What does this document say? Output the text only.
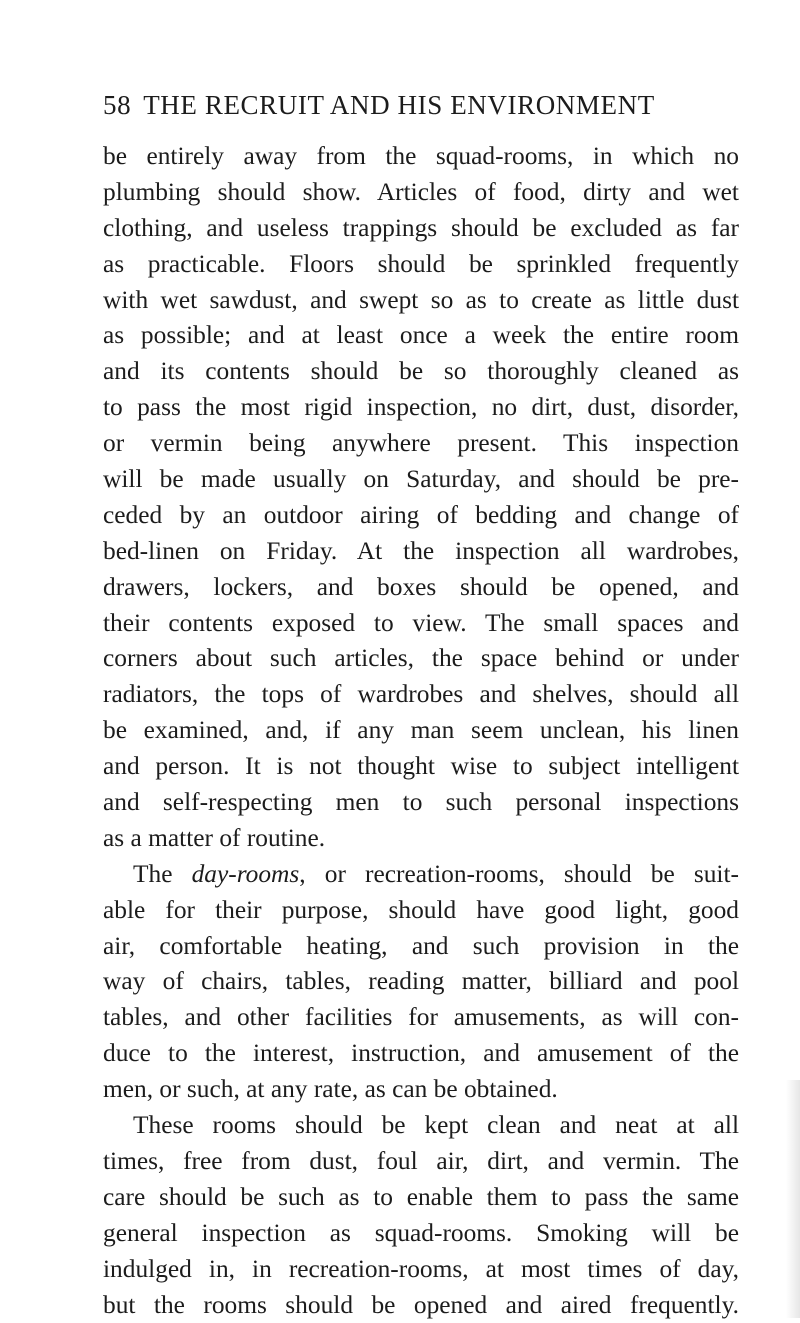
58 THE RECRUIT AND HIS ENVIRONMENT
be entirely away from the squad-rooms, in which no
plumbing should show. Articles of food, dirty and wet
clothing, and useless trappings should be excluded as far
as practicable. Floors should be sprinkled frequently
with wet sawdust, and swept so as to create as little dust
as possible; and at least once a week the entire room
and its contents should be so thoroughly cleaned as
to pass the most rigid inspection, no dirt, dust, disorder,
or vermin being anywhere present. This inspection
will be made usually on Saturday, and should be pre-
ceded by an outdoor airing of bedding and change of
bed-linen on Friday. At the inspection all wardrobes,
drawers, lockers, and boxes should be opened, and
their contents exposed to view. The small spaces and
corners about such articles, the space behind or under
radiators, the tops of wardrobes and shelves, should all
be examined, and, if any man seem unclean, his linen
and person. It is not thought wise to subject intelligent
and self-respecting men to such personal inspections
as a matter of routine.
The day-rooms, or recreation-rooms, should be suit-
able for their purpose, should have good light, good
air, comfortable heating, and such provision in the
way of chairs, tables, reading matter, billiard and pool
tables, and other facilities for amusements, as will con-
duce to the interest, instruction, and amusement of the
men, or such, at any rate, as can be obtained.
These rooms should be kept clean and neat at all
times, free from dust, foul air, dirt, and vermin. The
care should be such as to enable them to pass the same
general inspection as squad-rooms. Smoking will be
indulged in, in recreation-rooms, at most times of day,
but the rooms should be opened and aired frequently.
